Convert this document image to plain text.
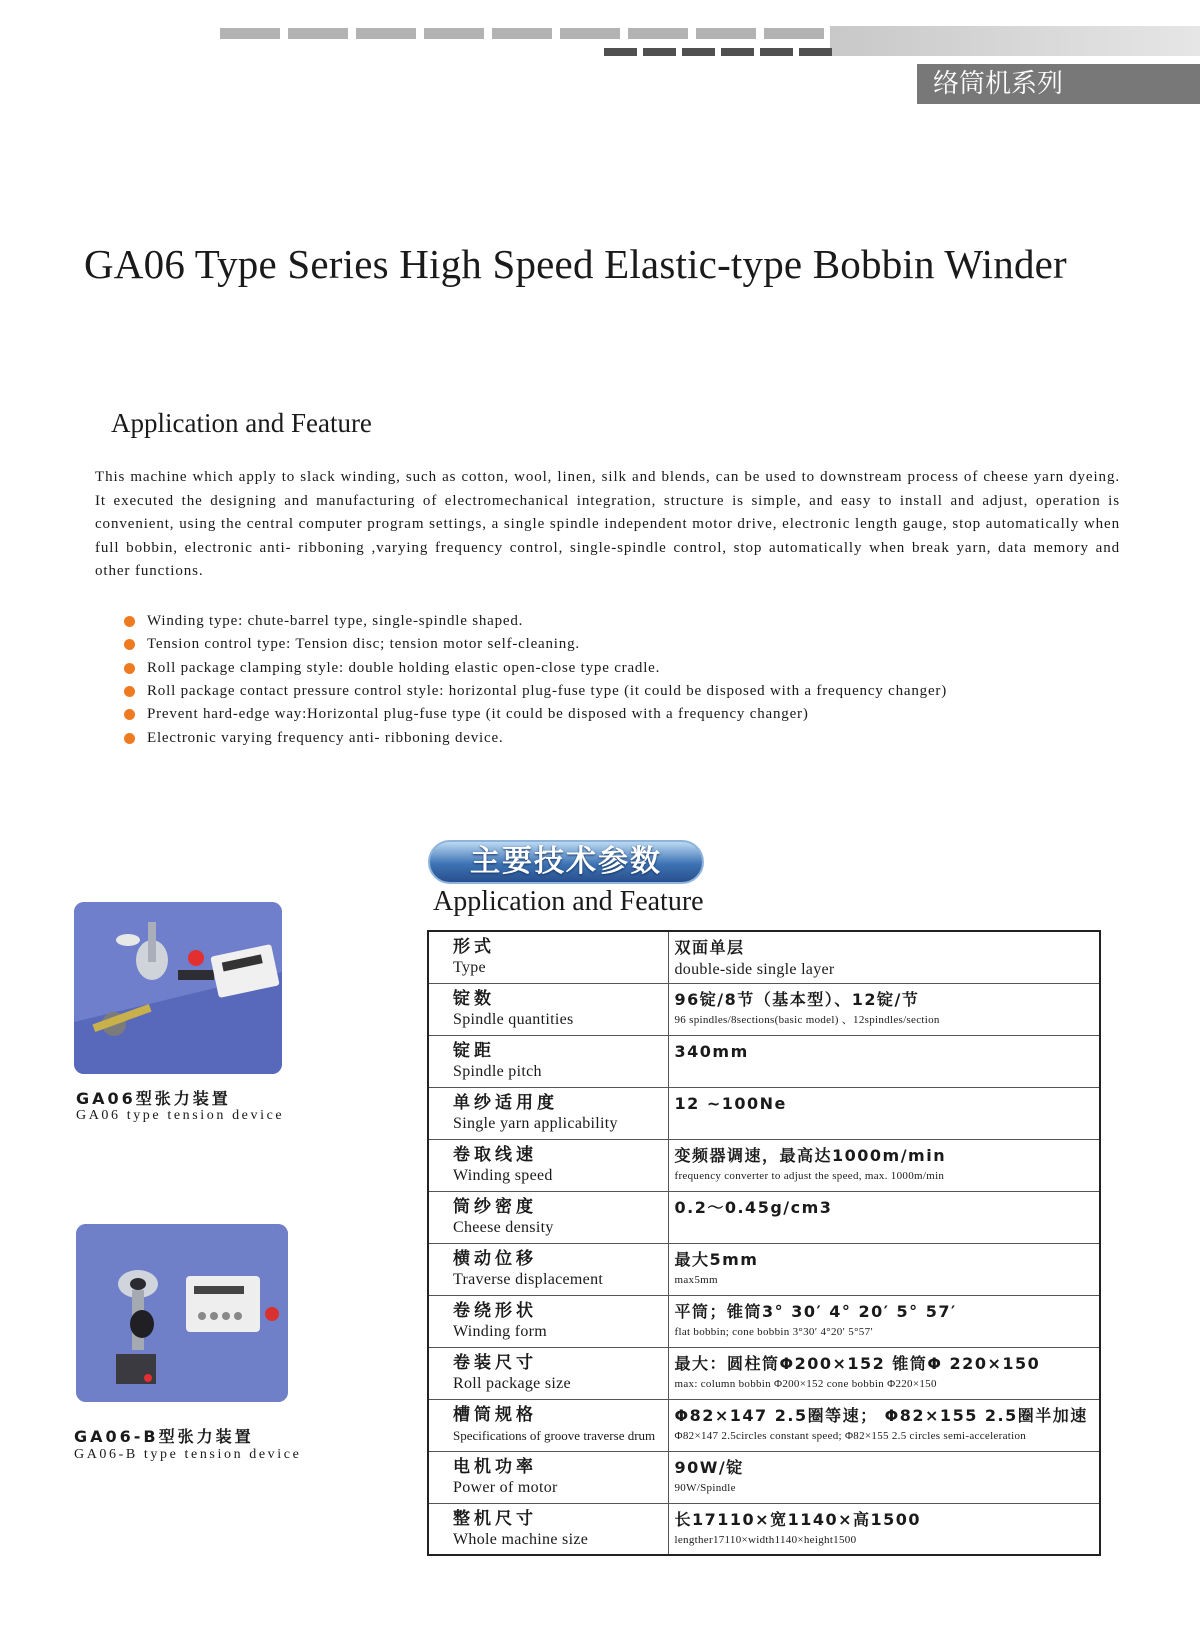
络筒机系列
GA06 Type Series High Speed Elastic-type Bobbin Winder
Application and Feature

This machine which apply to slack winding, such as cotton, wool, linen, silk and blends, can be used to downstream process of cheese yarn dyeing. It executed the designing and manufacturing of electromechanical integration, structure is simple, and easy to install and adjust, operation is convenient, using the central computer program settings, a single spindle independent motor drive, electronic length gauge, stop automatically when full bobbin, electronic anti- ribboning ,varying frequency control, single-spindle control, stop automatically when break yarn, data memory and other functions.

Winding type: chute-barrel type, single-spindle shaped.
Tension control type: Tension disc; tension motor self-cleaning.
Roll package clamping style: double holding elastic open-close type cradle.
Roll package contact pressure control style: horizontal plug-fuse type (it could be disposed with a frequency changer)
Prevent hard-edge way:Horizontal plug-fuse type (it could be disposed with a frequency changer)
Electronic varying frequency anti- ribboning device.
GA06型张力装置
GA06 type tension device
GA06-B型张力装置
GA06-B type tension device
主要技术参数
Application and Feature
形式
Type	双面单层
double-side single layer

锭数
Spindle quantities	96锭/8节（基本型）、12锭/节
96 spindles/8sections(basic model) 、12spindles/section

锭距
Spindle pitch	340mm

单纱适用度
Single yarn applicability	12 ~100Ne

卷取线速
Winding speed	变频器调速，最高达1000m/min
frequency converter to adjust the speed, max. 1000m/min

筒纱密度
Cheese density	0.2～0.45g/cm3

横动位移
Traverse displacement	最大5mm
max5mm

卷绕形状
Winding form	平筒；锥筒3° 30′ 4° 20′ 5° 57′
flat bobbin; cone bobbin 3°30′ 4°20′ 5°57′

卷装尺寸
Roll package size	最大：圆柱筒Φ200×152 锥筒Φ 220×150
max: column bobbin Φ200×152 cone bobbin Φ220×150

槽筒规格
Specifications of groove traverse drum	Φ82×147 2.5圈等速； Φ82×155 2.5圈半加速
Φ82×147 2.5circles constant speed; Φ82×155 2.5 circles semi-acceleration

电机功率
Power of motor	90W/锭
90W/Spindle

整机尺寸
Whole machine size	长17110×宽1140×高1500
lengther17110×width1140×height1500
